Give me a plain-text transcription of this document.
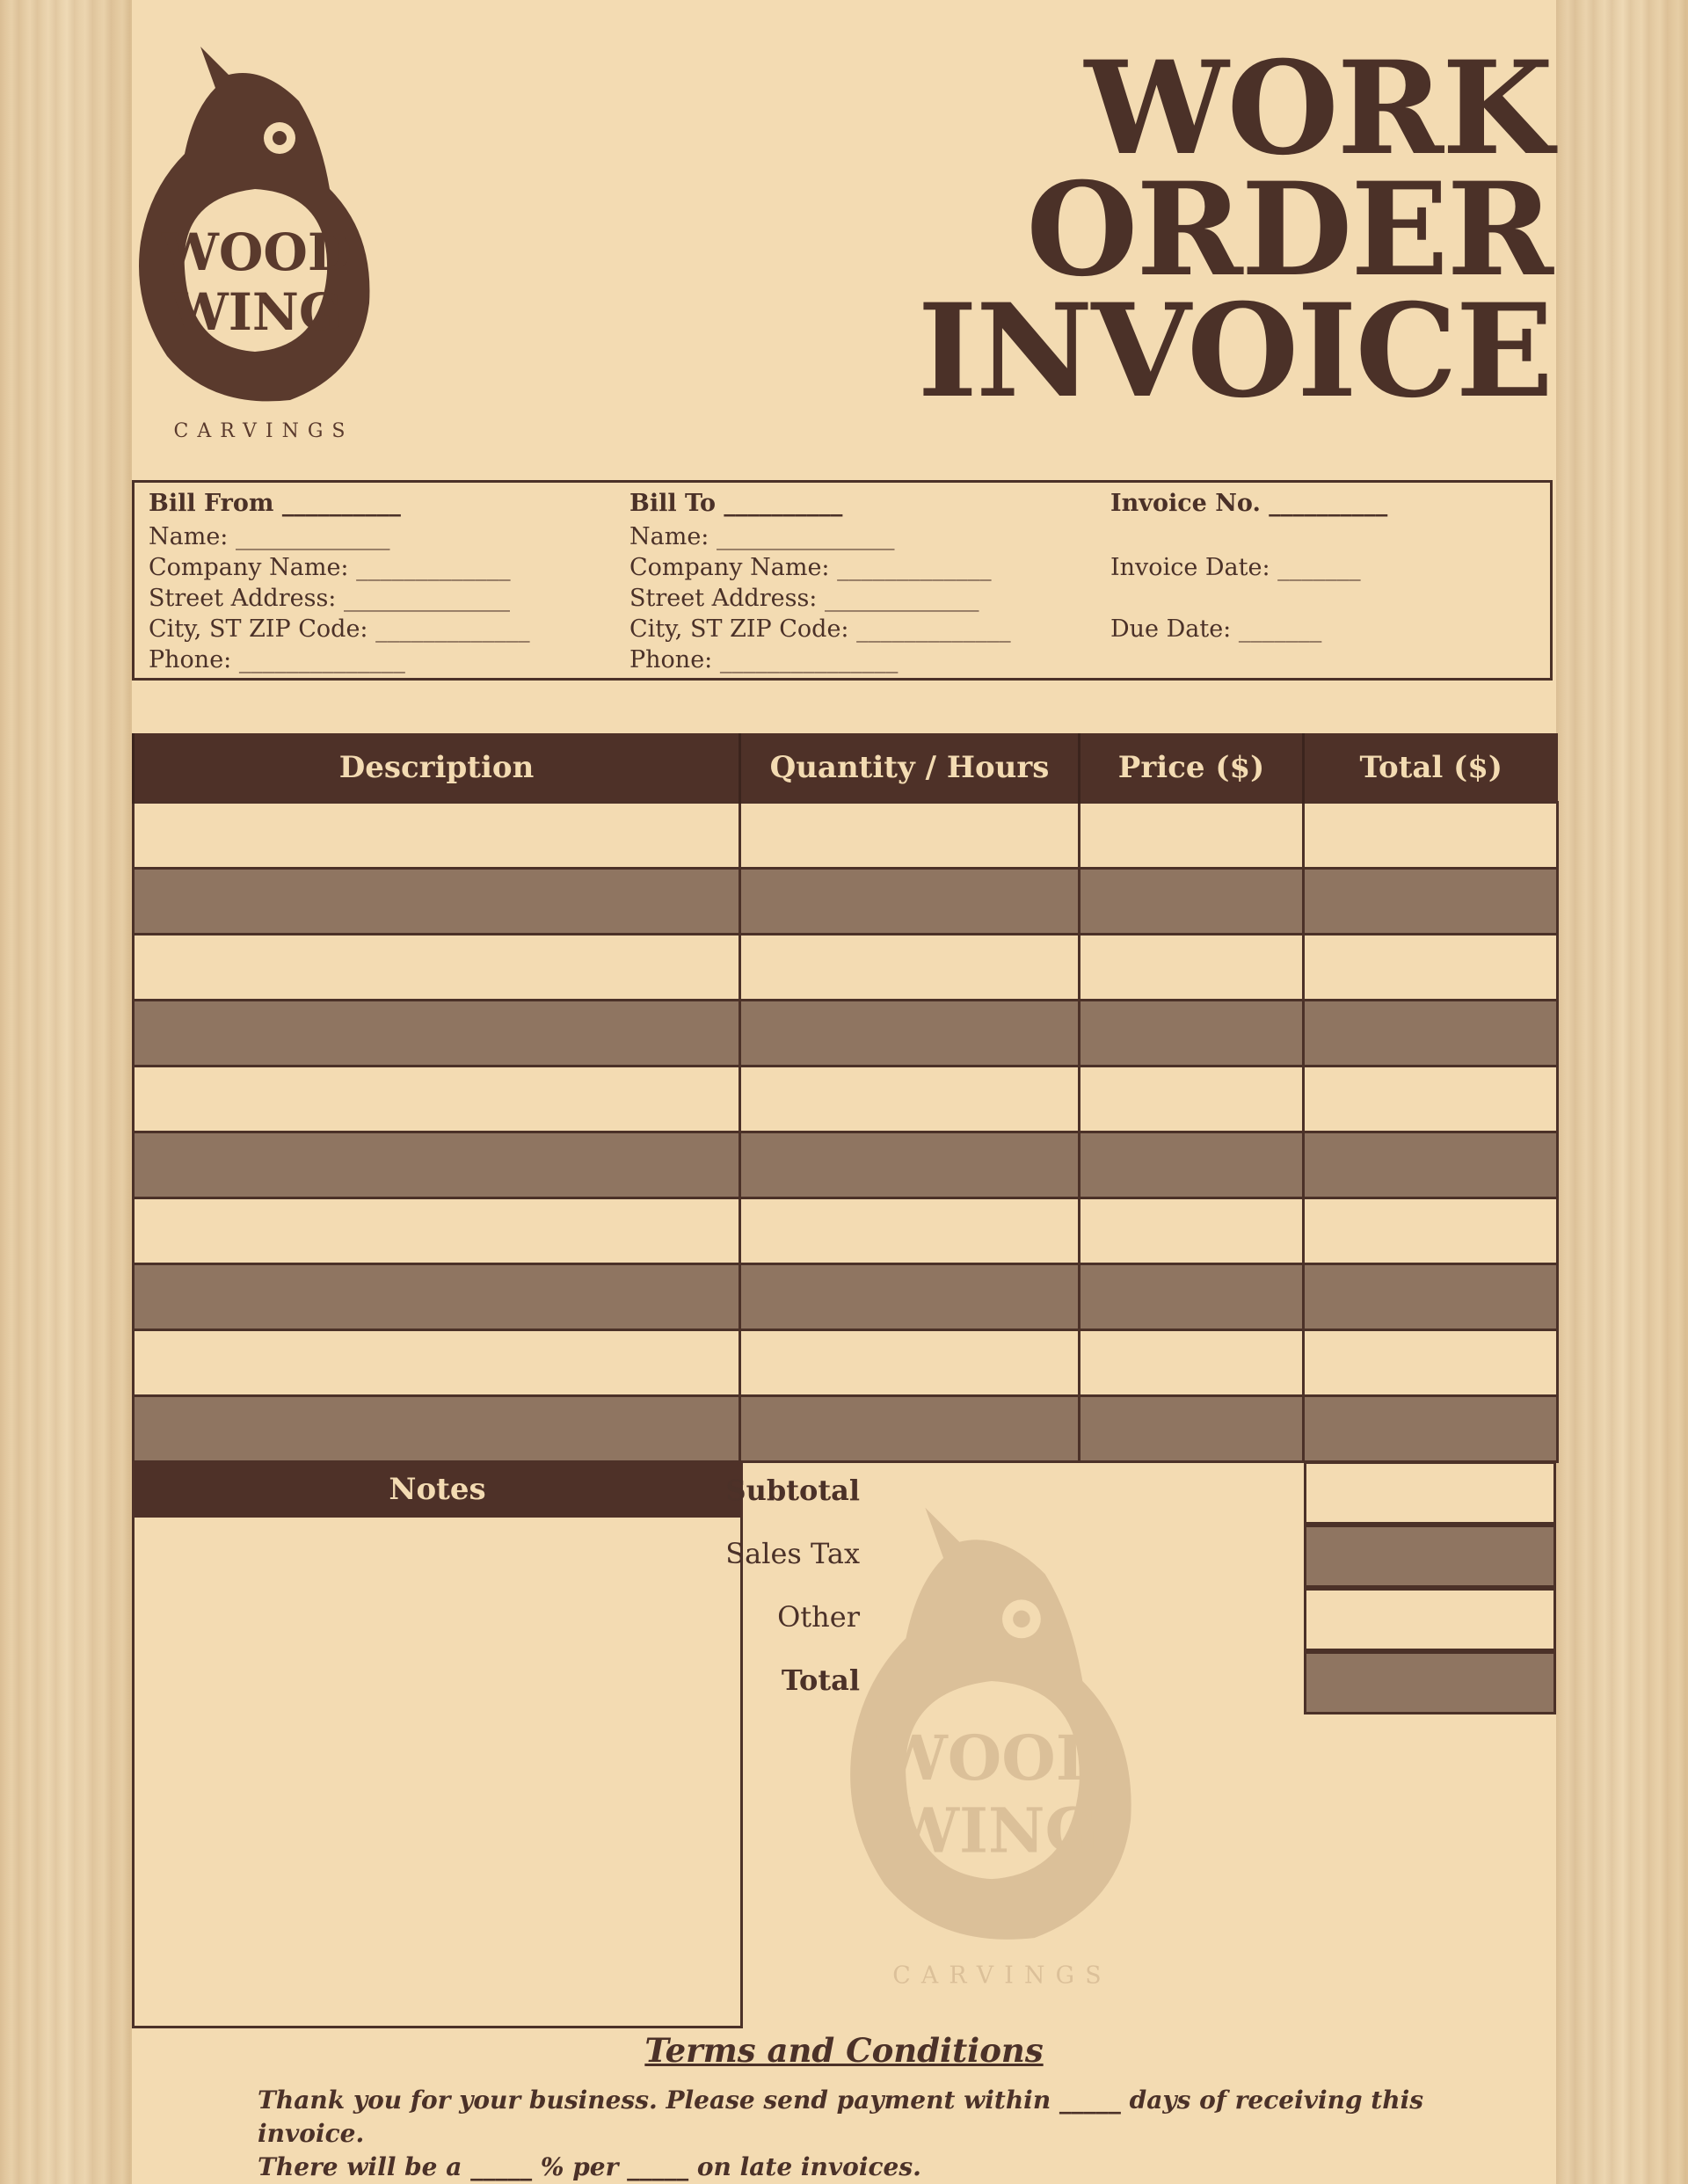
WOOD
WING
CARVINGS
WORK
ORDER
INVOICE
Bill From __________
Name: _____________
Company Name: _____________
Street Address: ______________
City, ST ZIP Code: _____________
Phone: ______________
Bill To __________
Name: _______________
Company Name: _____________
Street Address: _____________
City, ST ZIP Code: _____________
Phone: _______________
Invoice No. __________
Invoice Date: _______
Due Date: _______
Description	Quantity / Hours	Price ($)	Total ($)

Notes
WOOD
WING
CARVINGS
Subtotal
Sales Tax
Other
Total
Terms and Conditions
Thank you for your business. Please send payment within _____ days of receiving this invoice.
There will be a _____ % per _____ on late invoices.
